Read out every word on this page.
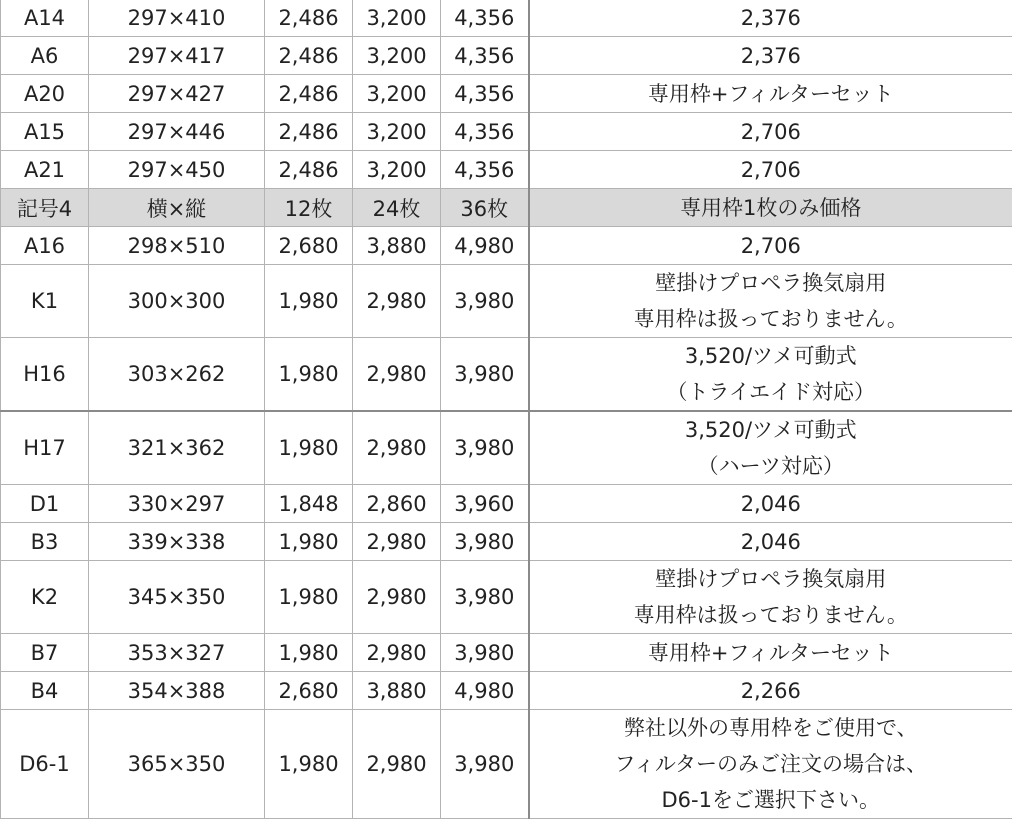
A14	297×410	2,486	3,200	4,356	2,376

A6	297×417	2,486	3,200	4,356	2,376

A20	297×427	2,486	3,200	4,356	専用枠+フィルターセット

A15	297×446	2,486	3,200	4,356	2,706

A21	297×450	2,486	3,200	4,356	2,706

記号4	横×縦	12枚	24枚	36枚	専用枠1枚のみ価格
A16	298×510	2,680	3,880	4,980	2,706

K1	300×300	1,980	2,980	3,980	壁掛けプロペラ換気扇用
専用枠は扱っておりません。

H16	303×262	1,980	2,980	3,980	3,520/ツメ可動式
（トライエイド対応）

H17	321×362	1,980	2,980	3,980	3,520/ツメ可動式
（ハーツ対応）

D1	330×297	1,848	2,860	3,960	2,046

B3	339×338	1,980	2,980	3,980	2,046

K2	345×350	1,980	2,980	3,980	壁掛けプロペラ換気扇用
専用枠は扱っておりません。

B7	353×327	1,980	2,980	3,980	専用枠+フィルターセット

B4	354×388	2,680	3,880	4,980	2,266

D6-1	365×350	1,980	2,980	3,980	弊社以外の専用枠をご使用で、
フィルターのみご注文の場合は、
D6-1をご選択下さい。
